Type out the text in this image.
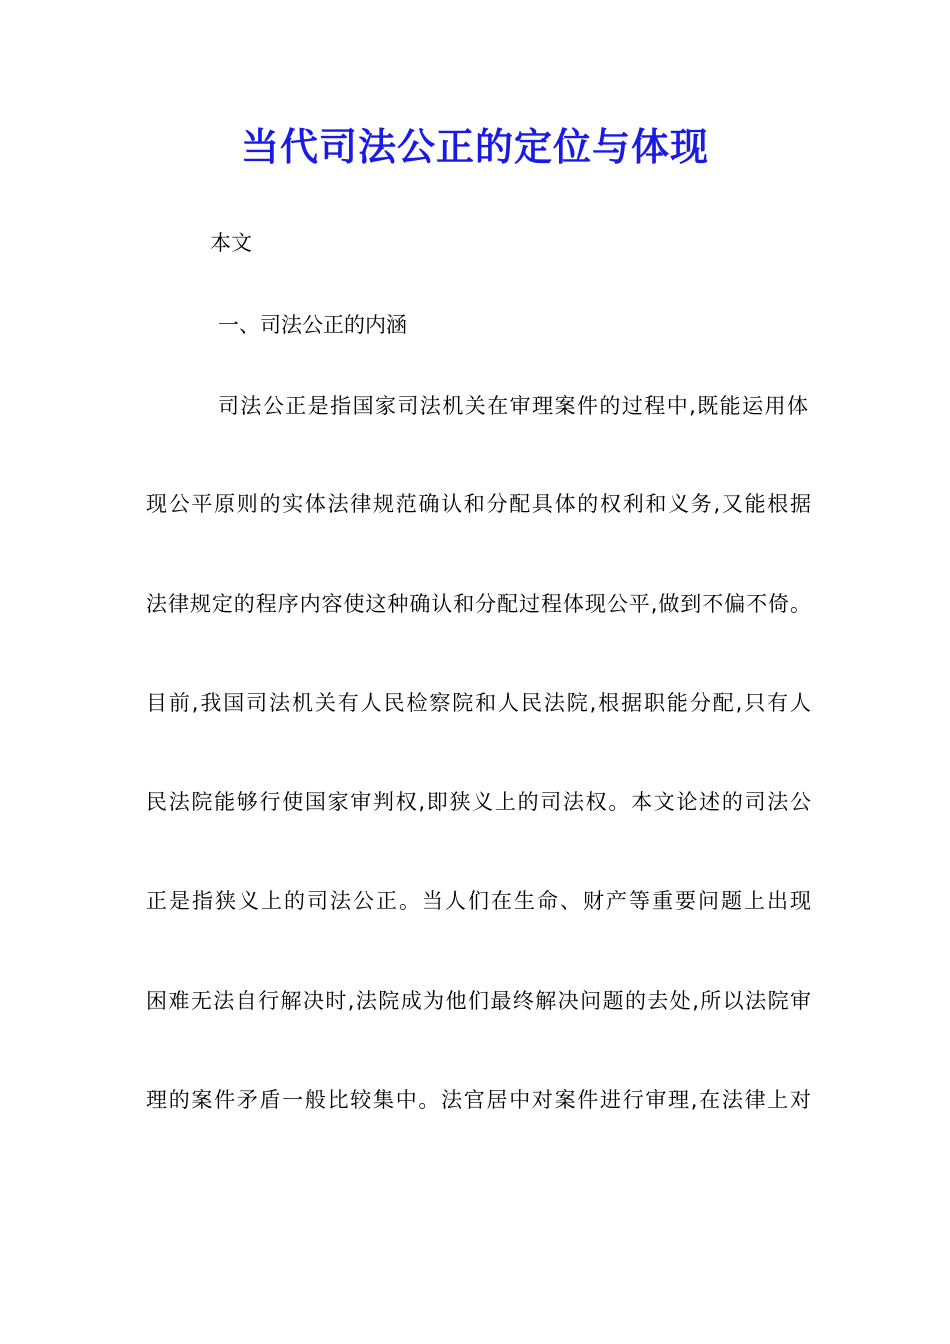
当代司法公正的定位与体现
本文
一、司法公正的内涵
司法公正是指国家司法机关在审理案件的过程中,既能运用体
现公平原则的实体法律规范确认和分配具体的权利和义务,又能根据
法律规定的程序内容使这种确认和分配过程体现公平,做到不偏不倚。
目前,我国司法机关有人民检察院和人民法院,根据职能分配,只有人
民法院能够行使国家审判权,即狭义上的司法权。本文论述的司法公
正是指狭义上的司法公正。当人们在生命、财产等重要问题上出现
困难无法自行解决时,法院成为他们最终解决问题的去处,所以法院审
理的案件矛盾一般比较集中。法官居中对案件进行审理,在法律上对
